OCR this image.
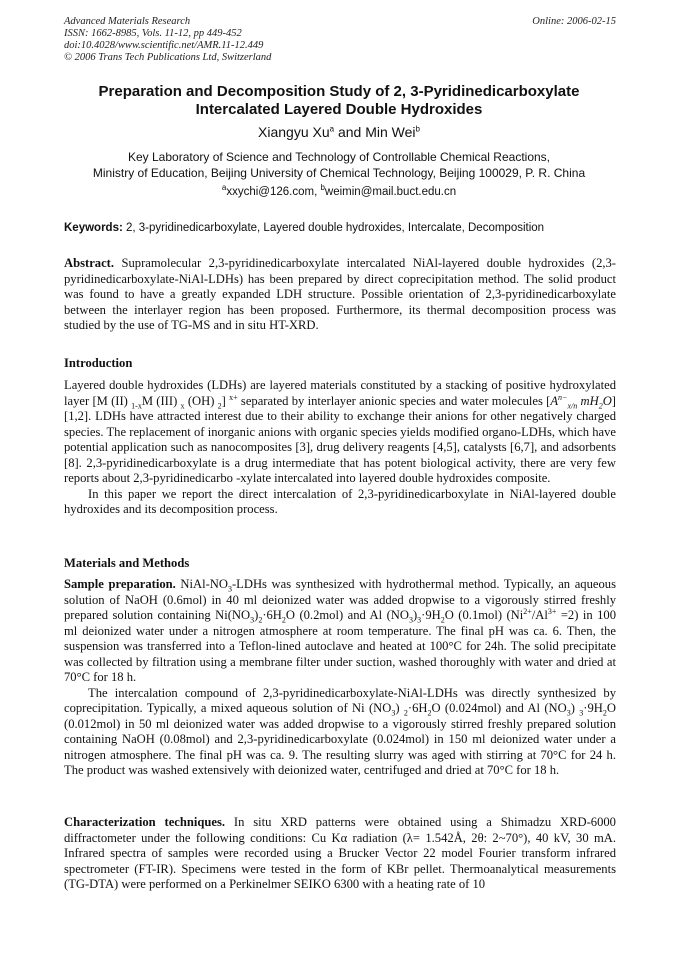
Advanced Materials Research
ISSN: 1662-8985, Vols. 11-12, pp 449-452
doi:10.4028/www.scientific.net/AMR.11-12.449
© 2006 Trans Tech Publications Ltd, Switzerland
Online: 2006-02-15
Preparation and Decomposition Study of 2, 3-Pyridinedicarboxylate
Intercalated Layered Double Hydroxides
Xiangyu Xu$^a$ and Min Wei$^b$
Key Laboratory of Science and Technology of Controllable Chemical Reactions,
Ministry of Education, Beijing University of Chemical Technology, Beijing 100029, P. R. China
$^a$xxychi@126.com, $^b$weimin@mail.buct.edu.cn
Keywords: 2, 3-pyridinedicarboxylate, Layered double hydroxides, Intercalate, Decomposition

Abstract. Supramolecular 2,3-pyridinedicarboxylate intercalated NiAl-layered double hydroxides (2,3-pyridinedicarboxylate-NiAl-LDHs) has been prepared by direct coprecipitation method. The solid product was found to have a greatly expanded LDH structure. Possible orientation of 2,3-pyridinedicarboxylate between the interlayer region has been proposed. Furthermore, its thermal decomposition process was studied by the use of TG-MS and in situ HT-XRD.

Introduction

Layered double hydroxides (LDHs) are layered materials constituted by a stacking of positive hydroxylated layer [M (II) $_{1-x}$M (III) $_x$ (OH) $_2$] $^{x+}$ separated by interlayer anionic species and water molecules [$A^{n-}_{x/n}$ $mH_2O$] [1,2]. LDHs have attracted interest due to their ability to exchange their anions for other negatively charged species. The replacement of inorganic anions with organic species yields modified organo-LDHs, which have potential application such as nanocomposites [3], drug delivery reagents [4,5], catalysts [6,7], and adsorbents [8]. 2,3-pyridinedicarboxylate is a drug intermediate that has potent biological activity, there are very few reports about 2,3-pyridinedicarbo -xylate intercalated into layered double hydroxides composite.

In this paper we report the direct intercalation of 2,3-pyridinedicarboxylate in NiAl-layered double hydroxides and its decomposition process.

Materials and Methods

Sample preparation. NiAl-$NO_3$-LDHs was synthesized with hydrothermal method. Typically, an aqueous solution of NaOH (0.6mol) in 40 ml deionized water was added dropwise to a vigorously stirred freshly prepared solution containing $Ni(NO_3)_2\cdot 6H_2O$ (0.2mol) and Al $(NO_3)_3\cdot 9H_2O$ (0.1mol) $(Ni^{2+}/Al^{3+} =2)$ in 100 ml deionized water under a nitrogen atmosphere at room temperature. The final pH was ca. 6. Then, the suspension was transferred into a Teflon-lined autoclave and heated at 100°C for 24h. The solid precipitate was collected by filtration using a membrane filter under suction, washed thoroughly with water and dried at 70°C for 18 h.

The intercalation compound of 2,3-pyridinedicarboxylate-NiAl-LDHs was directly synthesized by coprecipitation. Typically, a mixed aqueous solution of Ni $(NO_3)$ $_2\cdot 6H_2O$ (0.024mol) and Al $(NO_3)$ $_3\cdot 9H_2O$ (0.012mol) in 50 ml deionized water was added dropwise to a vigorously stirred freshly prepared solution containing NaOH (0.08mol) and 2,3-pyridinedicarboxylate (0.024mol) in 150 ml deionized water under a nitrogen atmosphere. The final pH was ca. 9. The resulting slurry was aged with stirring at 70°C for 24 h. The product was washed extensively with deionized water, centrifuged and dried at 70°C for 18 h.

Characterization techniques. In situ XRD patterns were obtained using a Shimadzu XRD-6000 diffractometer under the following conditions: Cu Kα radiation (λ= 1.542Å, 2θ: 2~70°), 40 kV, 30 mA. Infrared spectra of samples were recorded using a Brucker Vector 22 model Fourier transform infrared spectrometer (FT-IR). Specimens were tested in the form of KBr pellet. Thermoanalytical measurements (TG-DTA) were performed on a Perkinelmer SEIKO 6300 with a heating rate of 10
